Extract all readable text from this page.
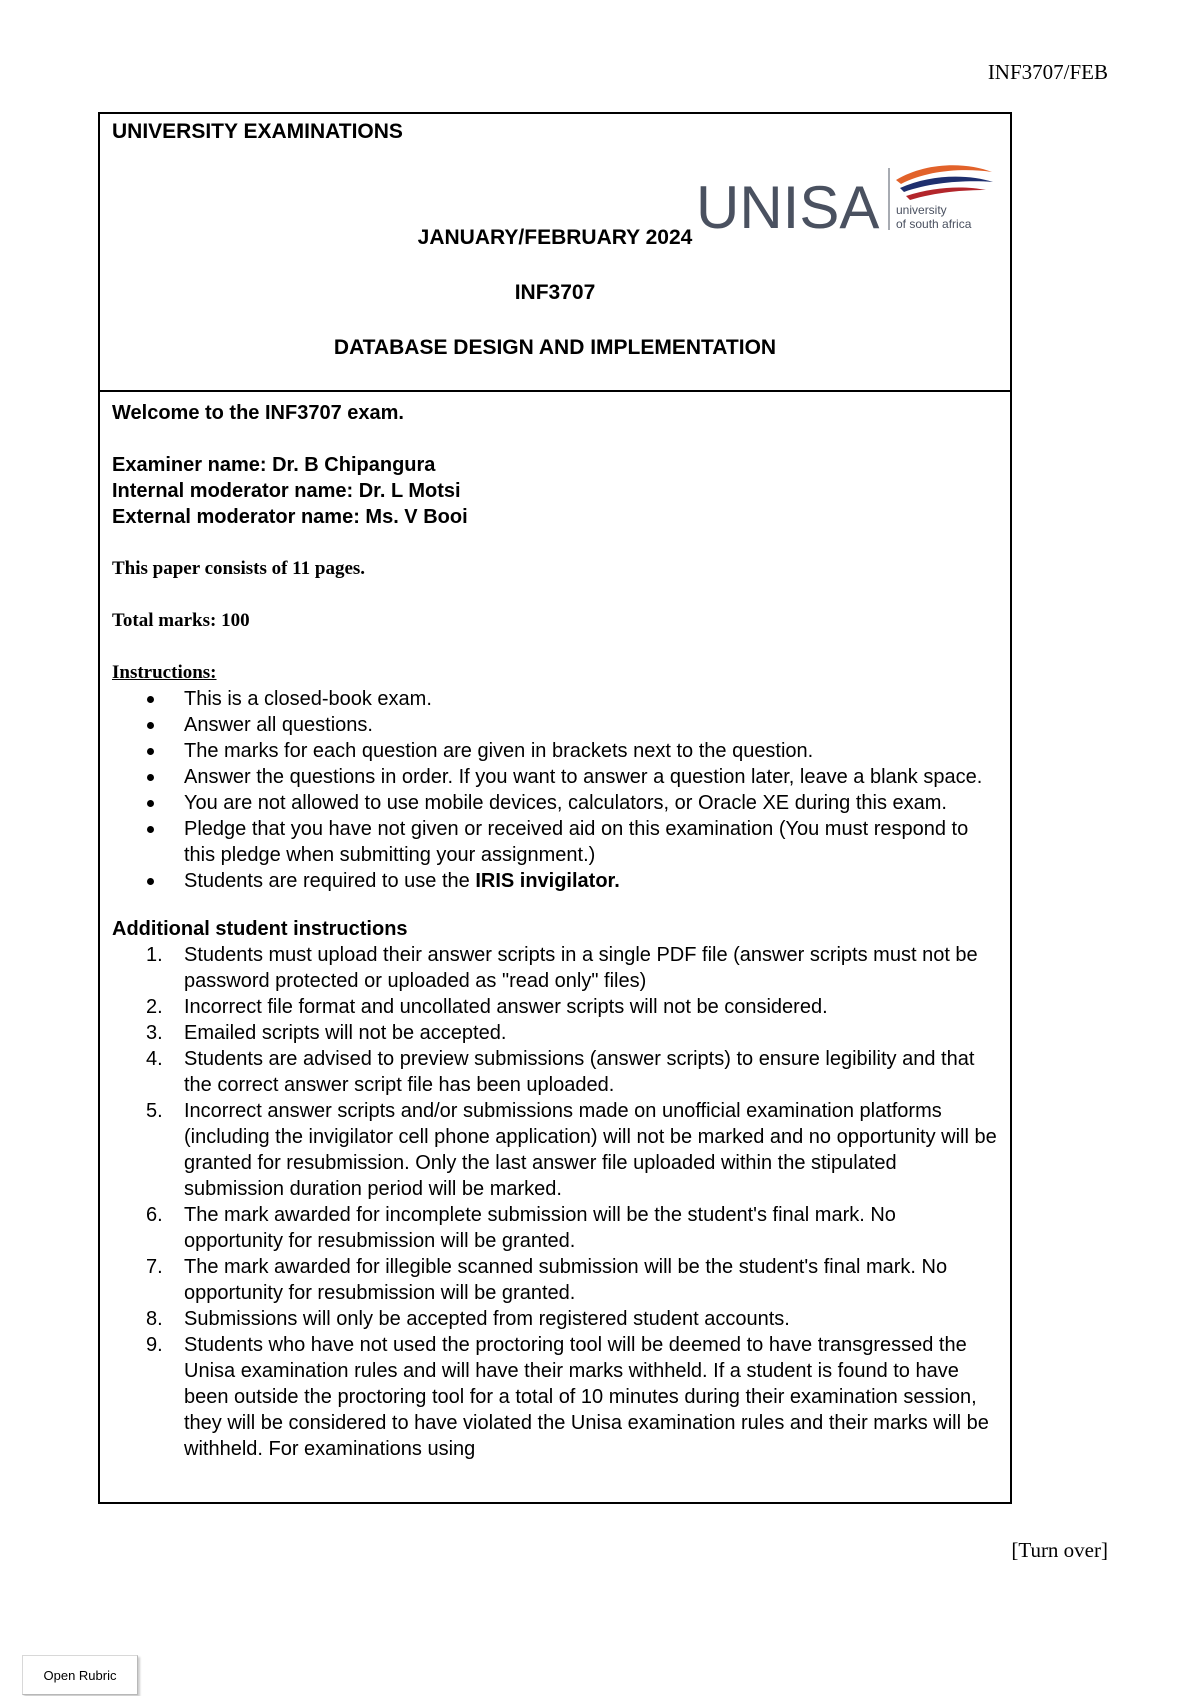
INF3707/FEB
UNIVERSITY EXAMINATIONS
UNISA university
of south africa
JANUARY/FEBRUARY 2024
INF3707
DATABASE DESIGN AND IMPLEMENTATION
Welcome to the INF3707 exam.
Examiner name: Dr. B Chipangura
Internal moderator name: Dr. L Motsi
External moderator name: Ms. V Booi
This paper consists of 11 pages.
Total marks: 100
Instructions:
This is a closed-book exam.
Answer all questions.
The marks for each question are given in brackets next to the question.
Answer the questions in order. If you want to answer a question later, leave a blank space.
You are not allowed to use mobile devices, calculators, or Oracle XE during this exam.
Pledge that you have not given or received aid on this examination (You must respond to this pledge when submitting your assignment.)
Students are required to use the IRIS invigilator.
Additional student instructions
1. Students must upload their answer scripts in a single PDF file (answer scripts must not be password protected or uploaded as "read only" files)
2. Incorrect file format and uncollated answer scripts will not be considered.
3. Emailed scripts will not be accepted.
4. Students are advised to preview submissions (answer scripts) to ensure legibility and that the correct answer script file has been uploaded.
5. Incorrect answer scripts and/or submissions made on unofficial examination platforms (including the invigilator cell phone application) will not be marked and no opportunity will be granted for resubmission. Only the last answer file uploaded within the stipulated submission duration period will be marked.
6. The mark awarded for incomplete submission will be the student's final mark. No opportunity for resubmission will be granted.
7. The mark awarded for illegible scanned submission will be the student's final mark. No opportunity for resubmission will be granted.
8. Submissions will only be accepted from registered student accounts.
9. Students who have not used the proctoring tool will be deemed to have transgressed the Unisa examination rules and will have their marks withheld. If a student is found to have been outside the proctoring tool for a total of 10 minutes during their examination session, they will be considered to have violated the Unisa examination rules and their marks will be withheld. For examinations using
[Turn over]
Open Rubric
